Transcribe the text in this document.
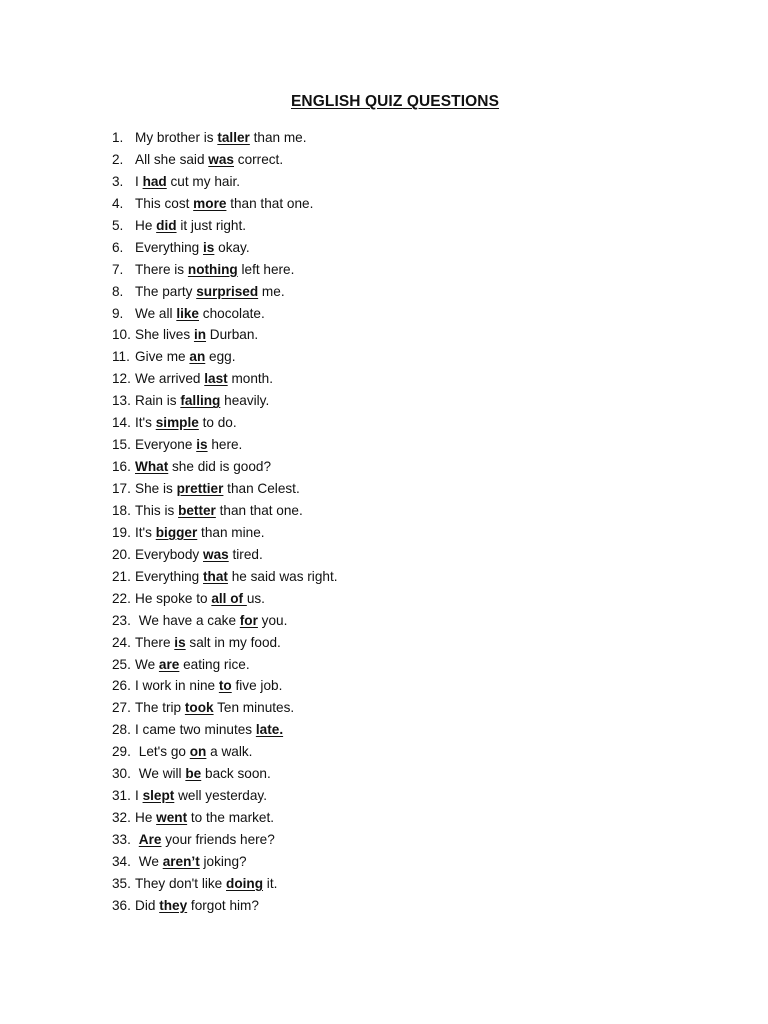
ENGLISH QUIZ QUESTIONS
1. My brother is taller than me.
2. All she said was correct.
3. I had cut my hair.
4. This cost more than that one.
5. He did it just right.
6. Everything is okay.
7. There is nothing left here.
8. The party surprised me.
9. We all like chocolate.
10. She lives in Durban.
11. Give me an egg.
12. We arrived last month.
13. Rain is falling heavily.
14. It's simple to do.
15. Everyone is here.
16. What she did is good?
17. She is prettier than Celest.
18. This is better than that one.
19. It's bigger than mine.
20. Everybody was tired.
21. Everything that he said was right.
22. He spoke to all of us.
23. We have a cake for you.
24. There is salt in my food.
25. We are eating rice.
26. I work in nine to five job.
27. The trip took Ten minutes.
28. I came two minutes late.
29. Let's go on a walk.
30. We will be back soon.
31. I slept well yesterday.
32. He went to the market.
33. Are your friends here?
34. We aren’t joking?
35. They don't like doing it.
36. Did they forgot him?
